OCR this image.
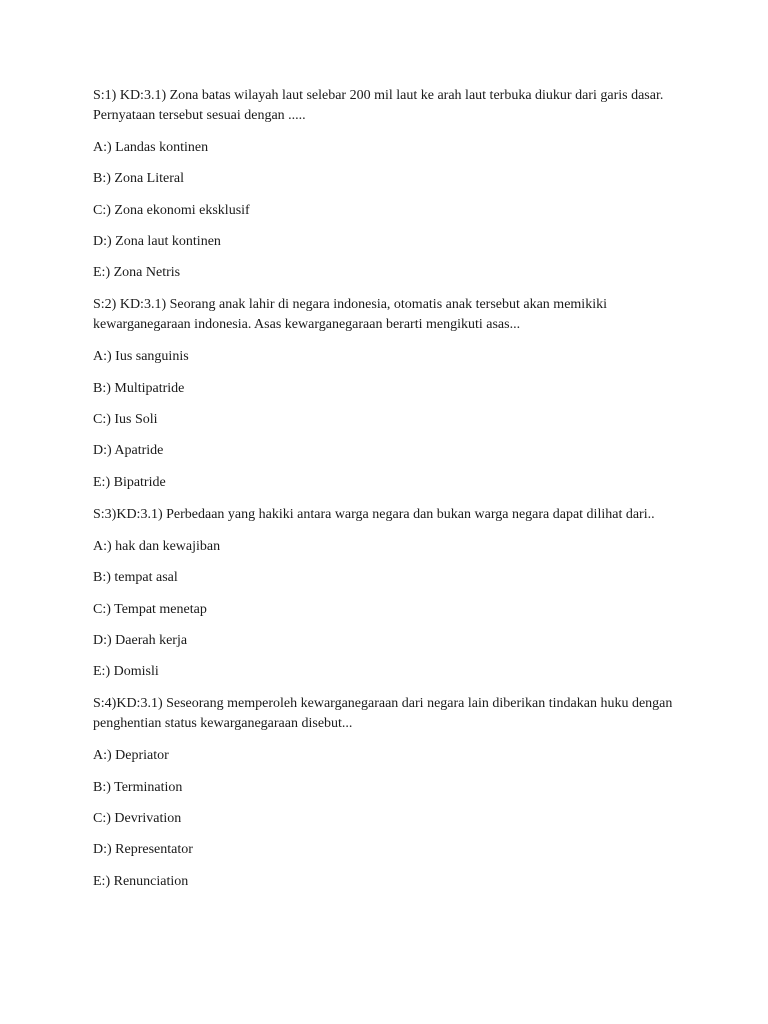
S:1) KD:3.1) Zona batas wilayah laut selebar 200 mil laut ke arah laut terbuka diukur dari garis dasar. Pernyataan tersebut sesuai dengan .....

A:) Landas kontinen

B:) Zona Literal

C:) Zona ekonomi eksklusif

D:) Zona laut kontinen

E:) Zona Netris

S:2) KD:3.1) Seorang anak lahir di negara indonesia, otomatis anak tersebut akan memikiki kewarganegaraan indonesia. Asas kewarganegaraan berarti mengikuti asas...

A:) Ius sanguinis

B:) Multipatride

C:) Ius Soli

D:) Apatride

E:) Bipatride

S:3)KD:3.1) Perbedaan yang hakiki antara warga negara dan bukan warga negara dapat dilihat dari..

A:) hak dan kewajiban

B:) tempat asal

C:) Tempat menetap

D:) Daerah kerja

E:) Domisli

S:4)KD:3.1) Seseorang memperoleh kewarganegaraan dari negara lain diberikan tindakan huku dengan penghentian status kewarganegaraan disebut...

A:) Depriator

B:) Termination

C:) Devrivation

D:) Representator

E:) Renunciation
